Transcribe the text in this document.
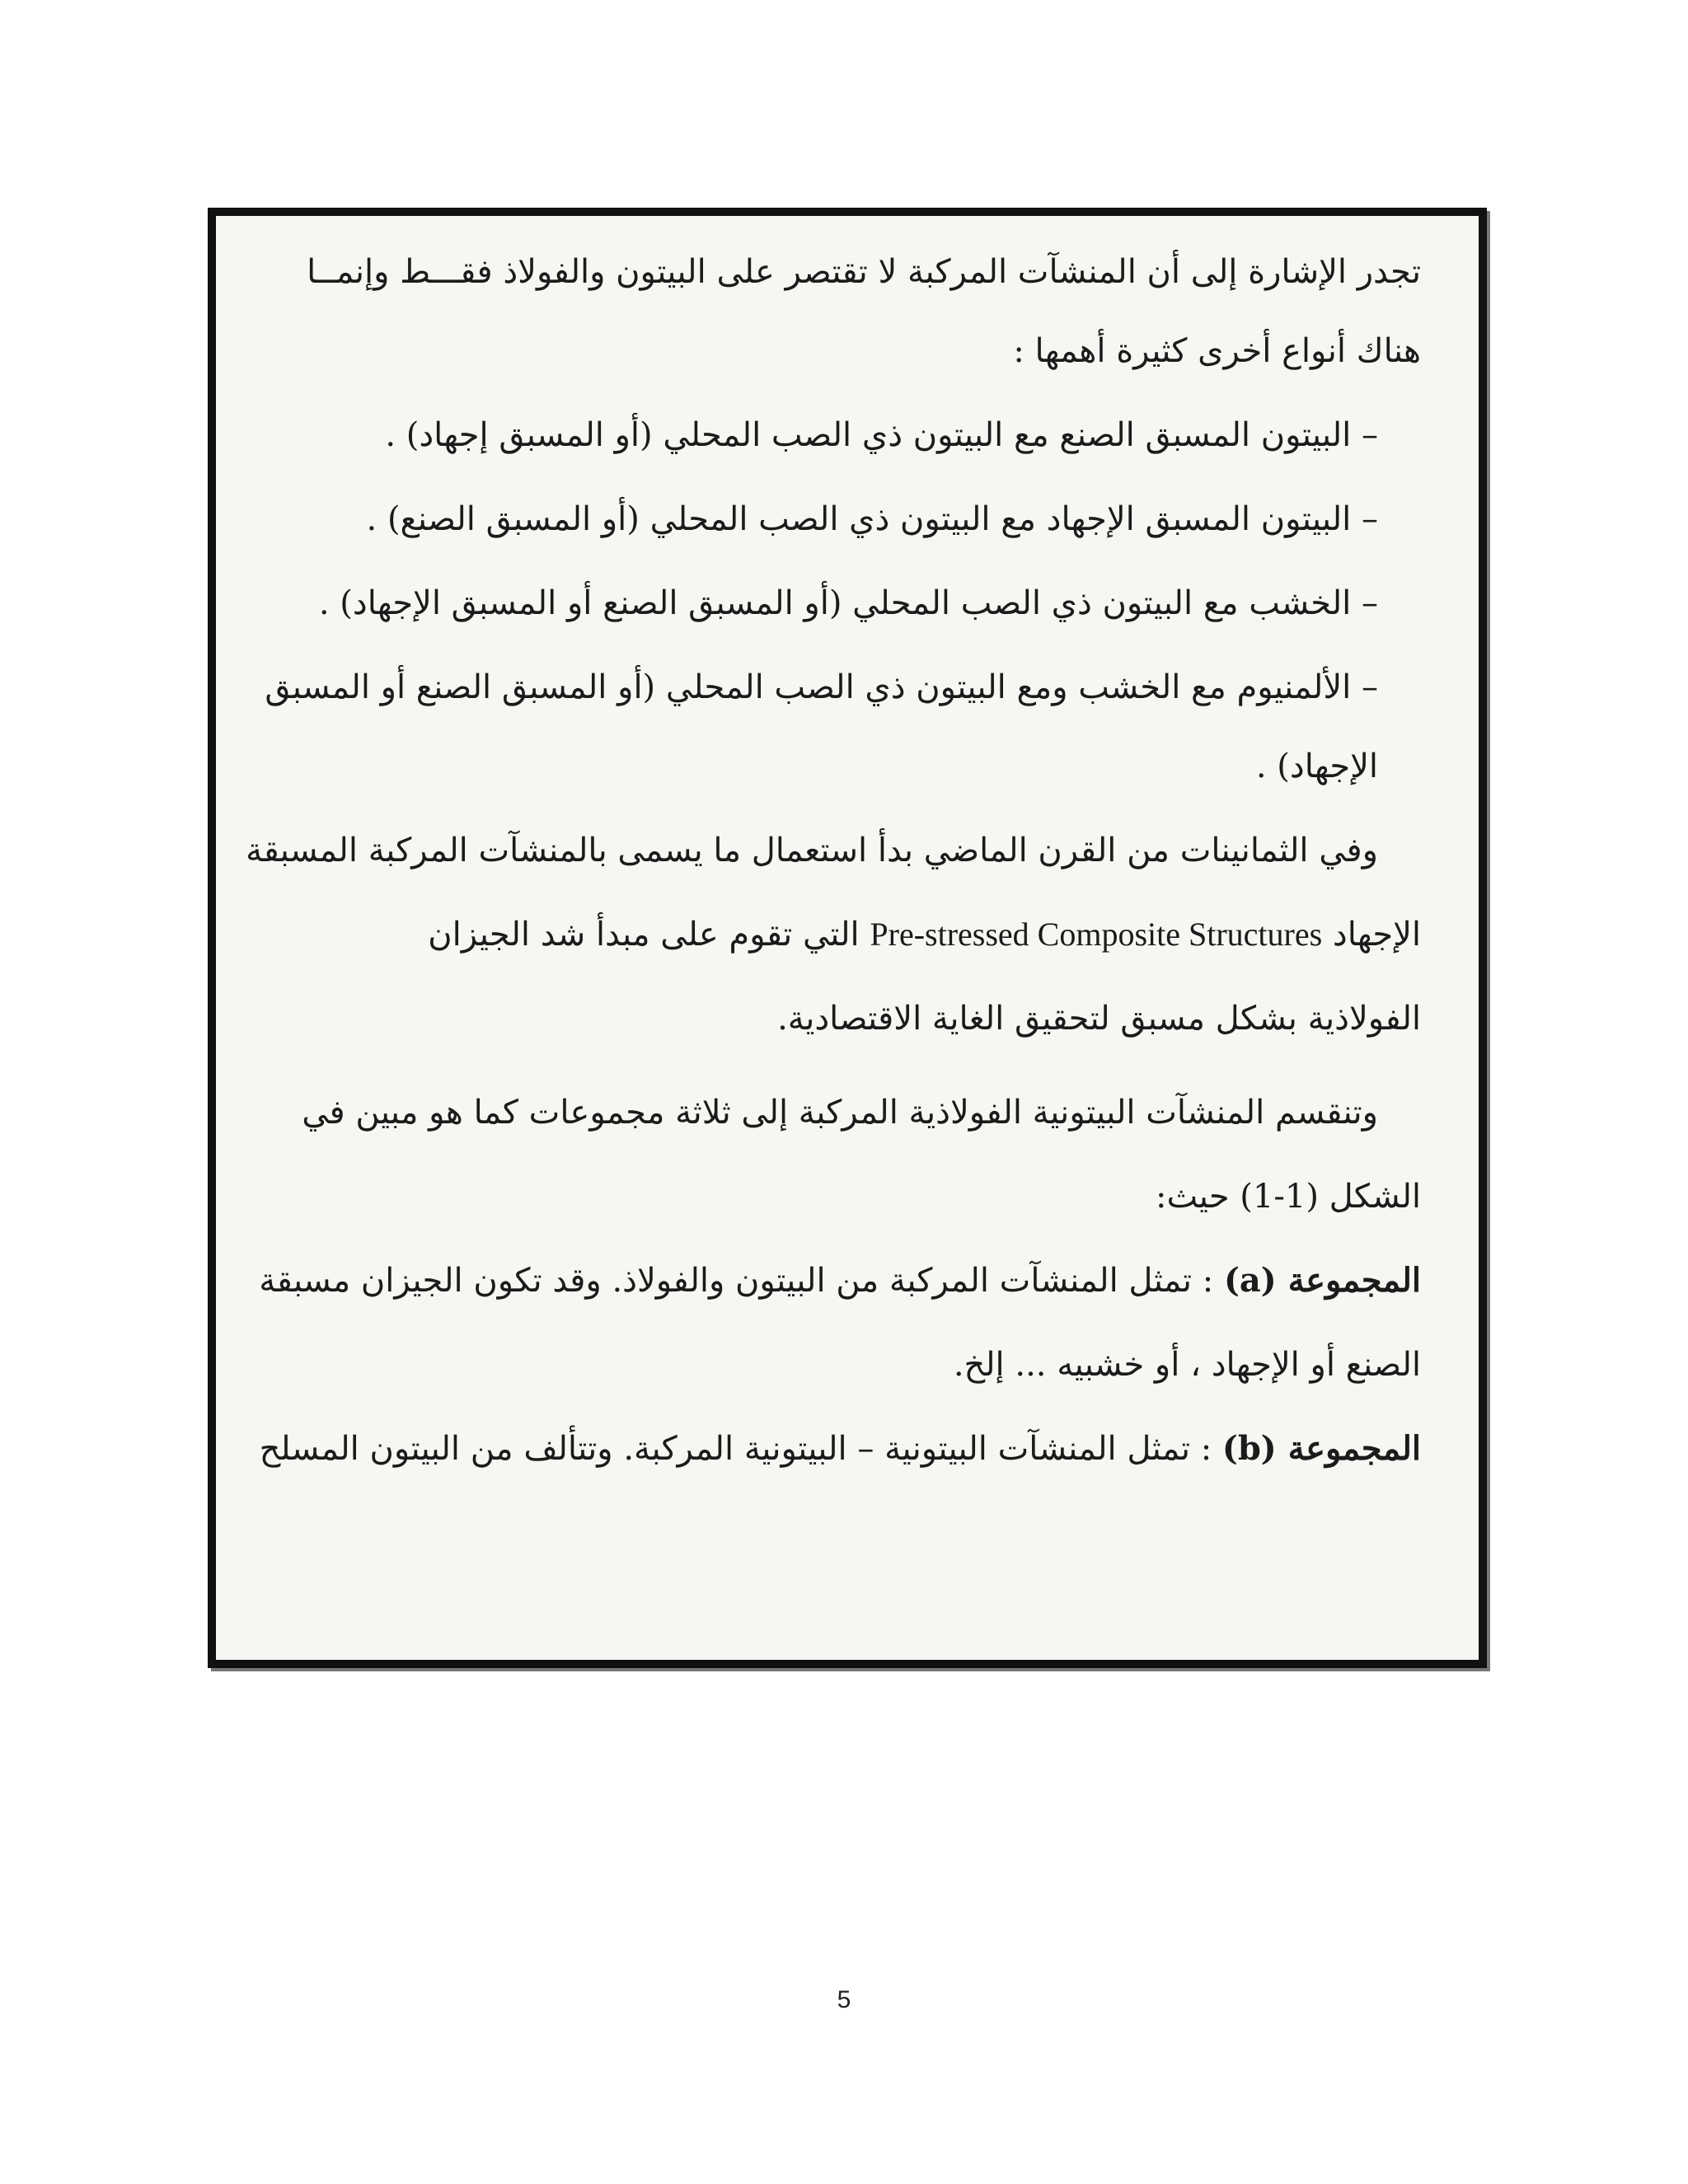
تجدر الإشارة إلى أن المنشآت المركبة لا تقتصر على البيتون والفولاذ فقـــط وإنمــا
هناك أنواع أخرى كثيرة أهمها :
– البيتون المسبق الصنع مع البيتون ذي الصب المحلي (أو المسبق إجهاد) .
– البيتون المسبق الإجهاد مع البيتون ذي الصب المحلي (أو المسبق الصنع) .
– الخشب مع البيتون ذي الصب المحلي (أو المسبق الصنع أو المسبق الإجهاد) .
– الألمنيوم مع الخشب ومع البيتون ذي الصب المحلي (أو المسبق الصنع أو المسبق
الإجهاد) .
وفي الثمانينات من القرن الماضي بدأ استعمال ما يسمى بالمنشآت المركبة المسبقة
الإجهاد Pre-stressed Composite Structures التي تقوم على مبدأ شد الجيزان
الفولاذية بشكل مسبق لتحقيق الغاية الاقتصادية.
وتنقسم المنشآت البيتونية الفولاذية المركبة إلى ثلاثة مجموعات كما هو مبين في
الشكل (1-1) حيث:
المجموعة (a) : تمثل المنشآت المركبة من البيتون والفولاذ. وقد تكون الجيزان مسبقة
الصنع أو الإجهاد ، أو خشبيه ... إلخ.
المجموعة (b) : تمثل المنشآت البيتونية – البيتونية المركبة. وتتألف من البيتون المسلح
5
